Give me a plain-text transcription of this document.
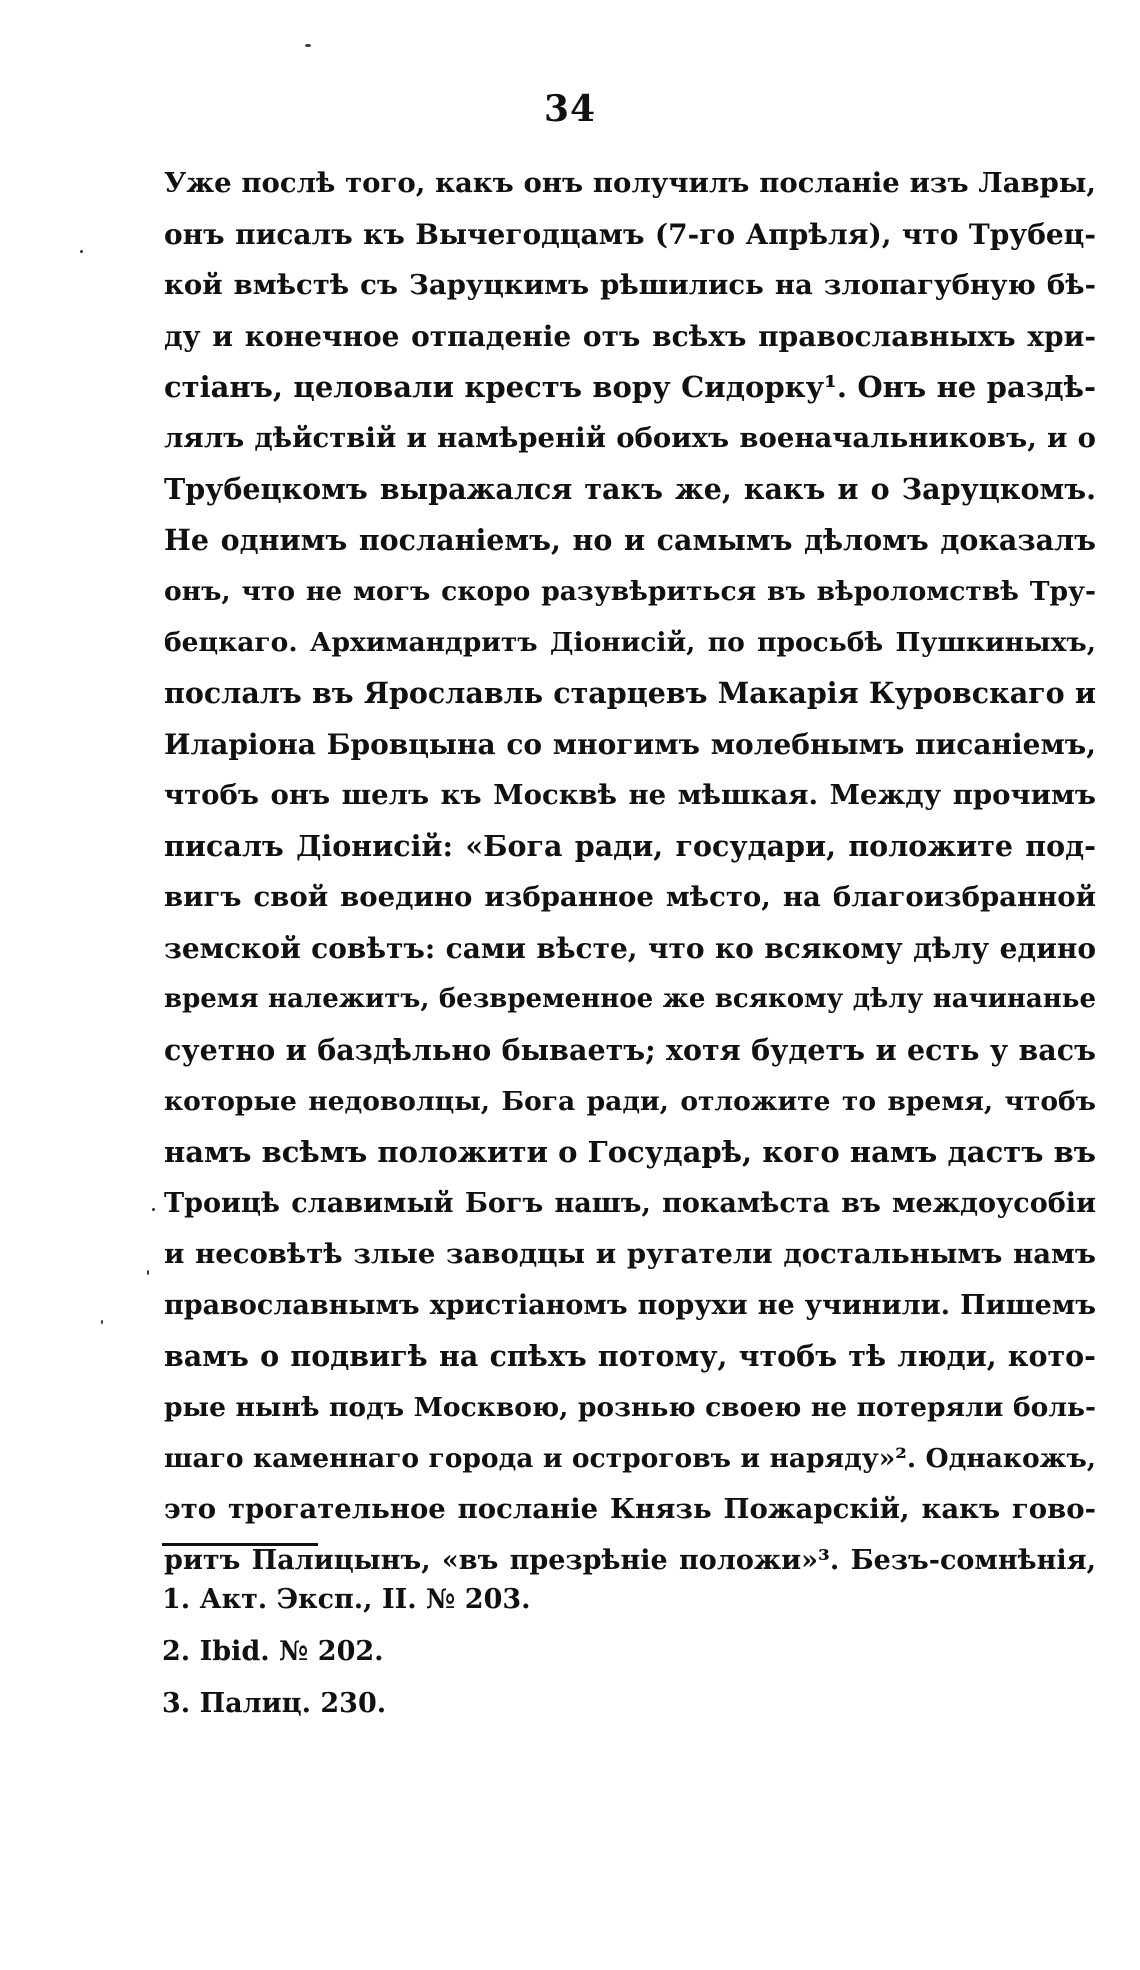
34
Уже послѣ того, какъ онъ получилъ посланіе изъ Лавры,
онъ писалъ къ Вычегодцамъ (7-го Апрѣля), что Трубец-
кой вмѣстѣ съ Заруцкимъ рѣшились на злопагубную бѣ-
ду и конечное отпаденіе отъ всѣхъ православныхъ хри-
стіанъ, целовали крестъ вору Сидорку¹. Онъ не раздѣ-
лялъ дѣйствій и намѣреній обоихъ военачальниковъ, и о
Трубецкомъ выражался такъ же, какъ и о Заруцкомъ.
Не однимъ посланіемъ, но и самымъ дѣломъ доказалъ
онъ, что не могъ скоро разувѣриться въ вѣроломствѣ Тру-
бецкаго. Архимандритъ Діонисій, по просьбѣ Пушкиныхъ,
послалъ въ Ярославль старцевъ Макарія Куровскаго и
Иларіона Бровцына со многимъ молебнымъ писаніемъ,
чтобъ онъ шелъ къ Москвѣ не мѣшкая. Между прочимъ
писалъ Діонисій: «Бога ради, государи, положите под-
вигъ свой воедино избранное мѣсто, на благоизбранной
земской совѣтъ: сами вѣсте, что ко всякому дѣлу едино
время належитъ, безвременное же всякому дѣлу начинанье
суетно и баздѣльно бываетъ; хотя будетъ и есть у васъ
которые недоволцы, Бога ради, отложите то время, чтобъ
намъ всѣмъ положити о Государѣ, кого намъ дастъ въ
Троицѣ славимый Богъ нашъ, покамѣста въ междоусобіи
и несовѣтѣ злые заводцы и ругатели достальнымъ намъ
православнымъ христіаномъ порухи не учинили. Пишемъ
вамъ о подвигѣ на спѣхъ потому, чтобъ тѣ люди, кото-
рые нынѣ подъ Москвою, рознью своею не потеряли боль-
шаго каменнаго города и остроговъ и наряду»². Однакожъ,
это трогательное посланіе Князь Пожарскій, какъ гово-
ритъ Палицынъ, «въ презрѣніе положи»³. Безъ-сомнѣнія,
1. Акт. Эксп., II. № 203.
2. Ibid. № 202.
3. Палиц. 230.
